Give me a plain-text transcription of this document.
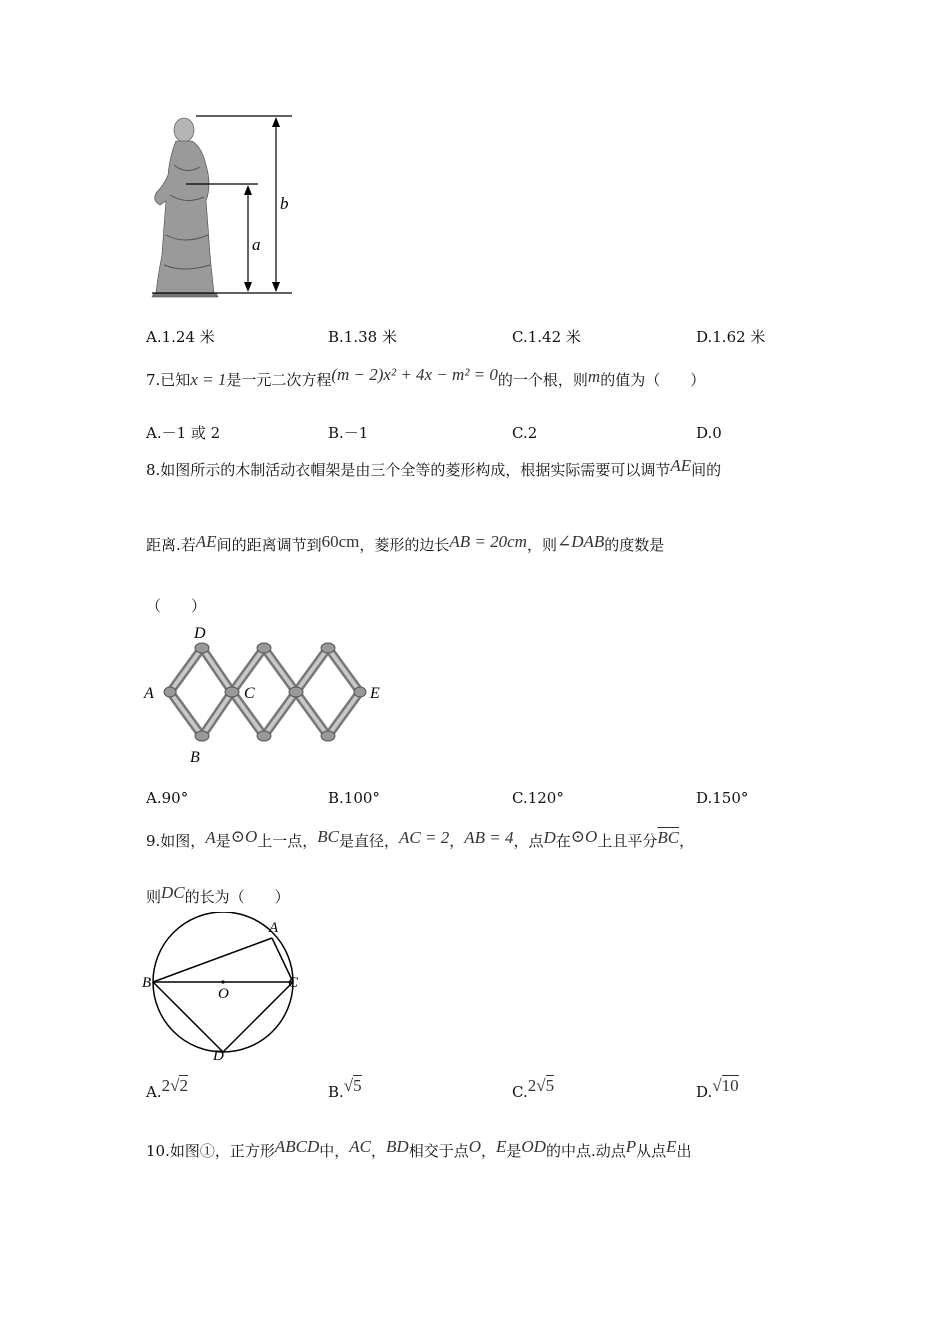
a
b
A.1.24 米	B.1.38 米	C.1.42 米	D.1.62 米
7.已知x = 1是一元二次方程(m − 2)x² + 4x − m² = 0的一个根，则m的值为（　　）
A.－1 或 2	B.－1	C.2	D.0
8.如图所示的木制活动衣帽架是由三个全等的菱形构成，根据实际需要可以调节AE间的
距离.若AE间的距离调节到60cm，菱形的边长AB = 20cm，则∠DAB的度数是
（　　）
A
D
C	E
B
A.90°	B.100°	C.120°	D.150°
9.如图，A是⊙O上一点，BC是直径，AC = 2，AB = 4，点D在⊙O上且平分$\overline{BC}$，
则DC的长为（　　）
A
B	C
O
D
A.2√2	B.√5	C.2√5	D.√10
10.如图①，正方形ABCD中，AC，BD相交于点O，E是OD的中点.动点P从点E出
